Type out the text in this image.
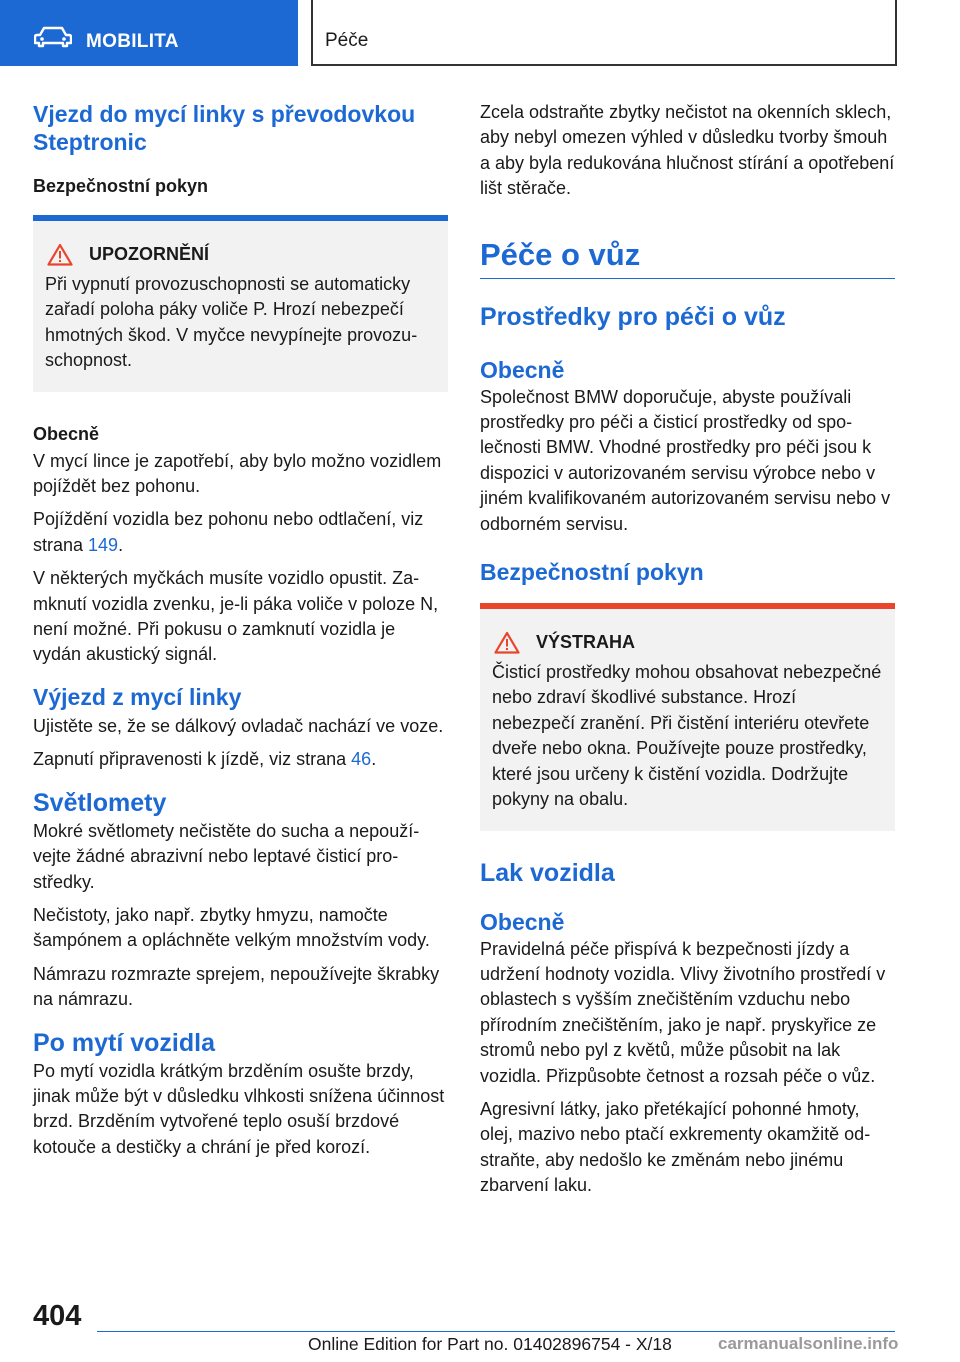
MOBILITA	Péče
Vjezd do mycí linky s převodovkou Steptronic
Bezpečnostní pokyn
UPOZORNĚNÍ

Při vypnutí provozuschopnosti se automaticky zařadí poloha páky voliče P. Hrozí nebezpečí hmotných škod. V myčce nevypínejte provozuschopnost.

Obecně

V mycí lince je zapotřebí, aby bylo možno vozidlem pojíždět bez pohonu.

Pojíždění vozidla bez pohonu nebo odtlačení, viz strana 149.

V některých myčkách musíte vozidlo opustit. Zamknutí vozidla zvenku, je-li páka voliče v poloze N, není možné. Při pokusu o zamknutí vozidla je vydán akustický signál.

Výjezd z mycí linky

Ujistěte se, že se dálkový ovladač nachází ve voze.

Zapnutí připravenosti k jízdě, viz strana 46.

Světlomety

Mokré světlomety nečistěte do sucha a nepoužívejte žádné abrazivní nebo leptavé čisticí prostředky.

Nečistoty, jako např. zbytky hmyzu, namočte šampónem a opláchněte velkým množstvím vody.

Námrazu rozmrazte sprejem, nepoužívejte škrabky na námrazu.

Po mytí vozidla

Po mytí vozidla krátkým brzděním osušte brzdy, jinak může být v důsledku vlhkosti snížena účinnost brzd. Brzděním vytvořené teplo osuší brzdové kotouče a destičky a chrání je před korozí.

Zcela odstraňte zbytky nečistot na okenních sklech, aby nebyl omezen výhled v důsledku tvorby šmouh a aby byla redukována hlučnost stírání a opotřebení lišt stěrače.

Péče o vůz
Prostředky pro péči o vůz
Obecně

Společnost BMW doporučuje, abyste používali prostředky pro péči a čisticí prostředky od společnosti BMW. Vhodné prostředky pro péči jsou k dispozici v autorizovaném servisu výrobce nebo v jiném kvalifikovaném autorizovaném servisu nebo v odborném servisu.

Bezpečnostní pokyn
VÝSTRAHA

Čisticí prostředky mohou obsahovat nebezpečné nebo zdraví škodlivé substance. Hrozí nebezpečí zranění. Při čistění interiéru otevřete dveře nebo okna. Používejte pouze prostředky, které jsou určeny k čistění vozidla. Dodržujte pokyny na obalu.

Lak vozidla
Obecně

Pravidelná péče přispívá k bezpečnosti jízdy a udržení hodnoty vozidla. Vlivy životního prostředí v oblastech s vyšším znečištěním vzduchu nebo přírodním znečištěním, jako je např. pryskyřice ze stromů nebo pyl z květů, může působit na lak vozidla. Přizpůsobte četnost a rozsah péče o vůz.

Agresivní látky, jako přetékající pohonné hmoty, olej, mazivo nebo ptačí exkrementy okamžitě odstraňte, aby nedošlo ke změnám nebo jinému zbarvení laku.

404
Online Edition for Part no. 01402896754 - X/18	carmanualsonline.info
